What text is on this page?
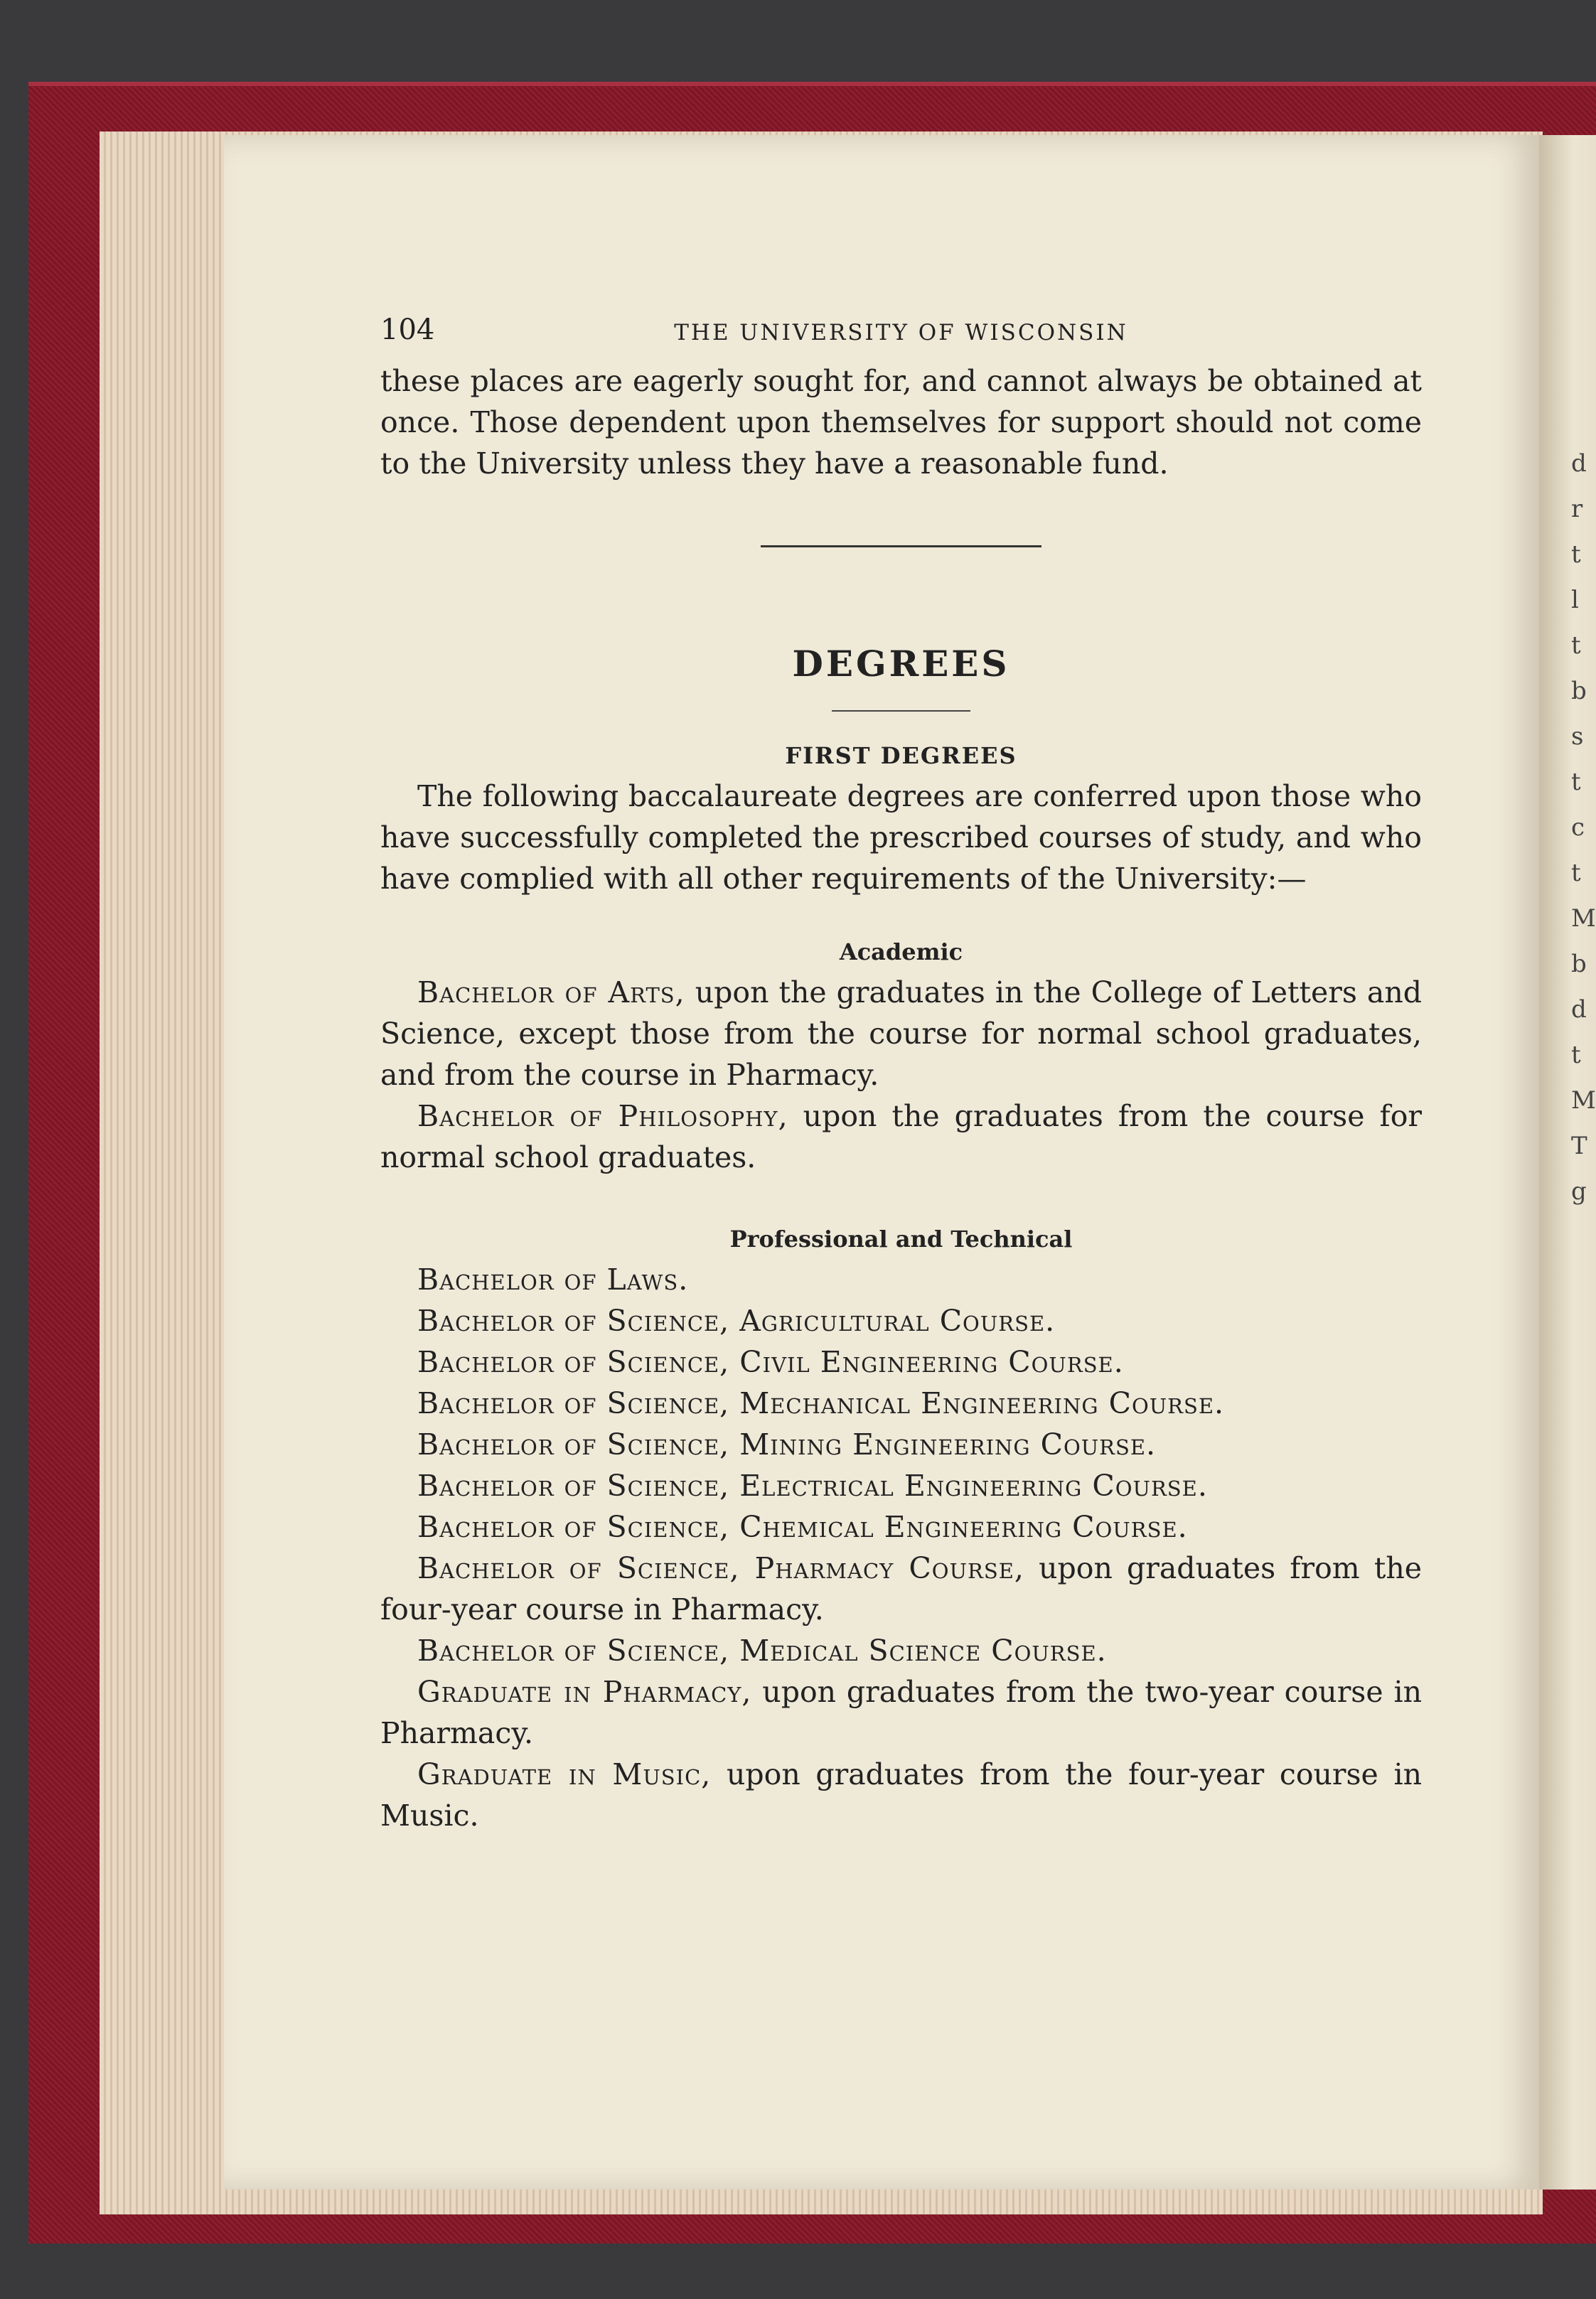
d
r
t
l
t
b
s
t
c
t
M
b
d
t
M
T
g
104	THE UNIVERSITY OF WISCONSIN

these places are eagerly sought for, and cannot always be obtained at once. Those dependent upon themselves for support should not come to the University unless they have a reasonable fund.

DEGREES
FIRST DEGREES

The following baccalaureate degrees are conferred upon those who have successfully completed the prescribed courses of study, and who have complied with all other requirements of the University:—

Academic

Bachelor of Arts, upon the graduates in the College of Letters and Science, except those from the course for normal school graduates, and from the course in Pharmacy.

Bachelor of Philosophy, upon the graduates from the course for normal school graduates.

Professional and Technical

Bachelor of Laws.

Bachelor of Science, Agricultural Course.

Bachelor of Science, Civil Engineering Course.

Bachelor of Science, Mechanical Engineering Course.

Bachelor of Science, Mining Engineering Course.

Bachelor of Science, Electrical Engineering Course.

Bachelor of Science, Chemical Engineering Course.

Bachelor of Science, Pharmacy Course, upon graduates from the four-year course in Pharmacy.

Bachelor of Science, Medical Science Course.

Graduate in Pharmacy, upon graduates from the two-year course in Pharmacy.

Graduate in Music, upon graduates from the four-year course in Music.
